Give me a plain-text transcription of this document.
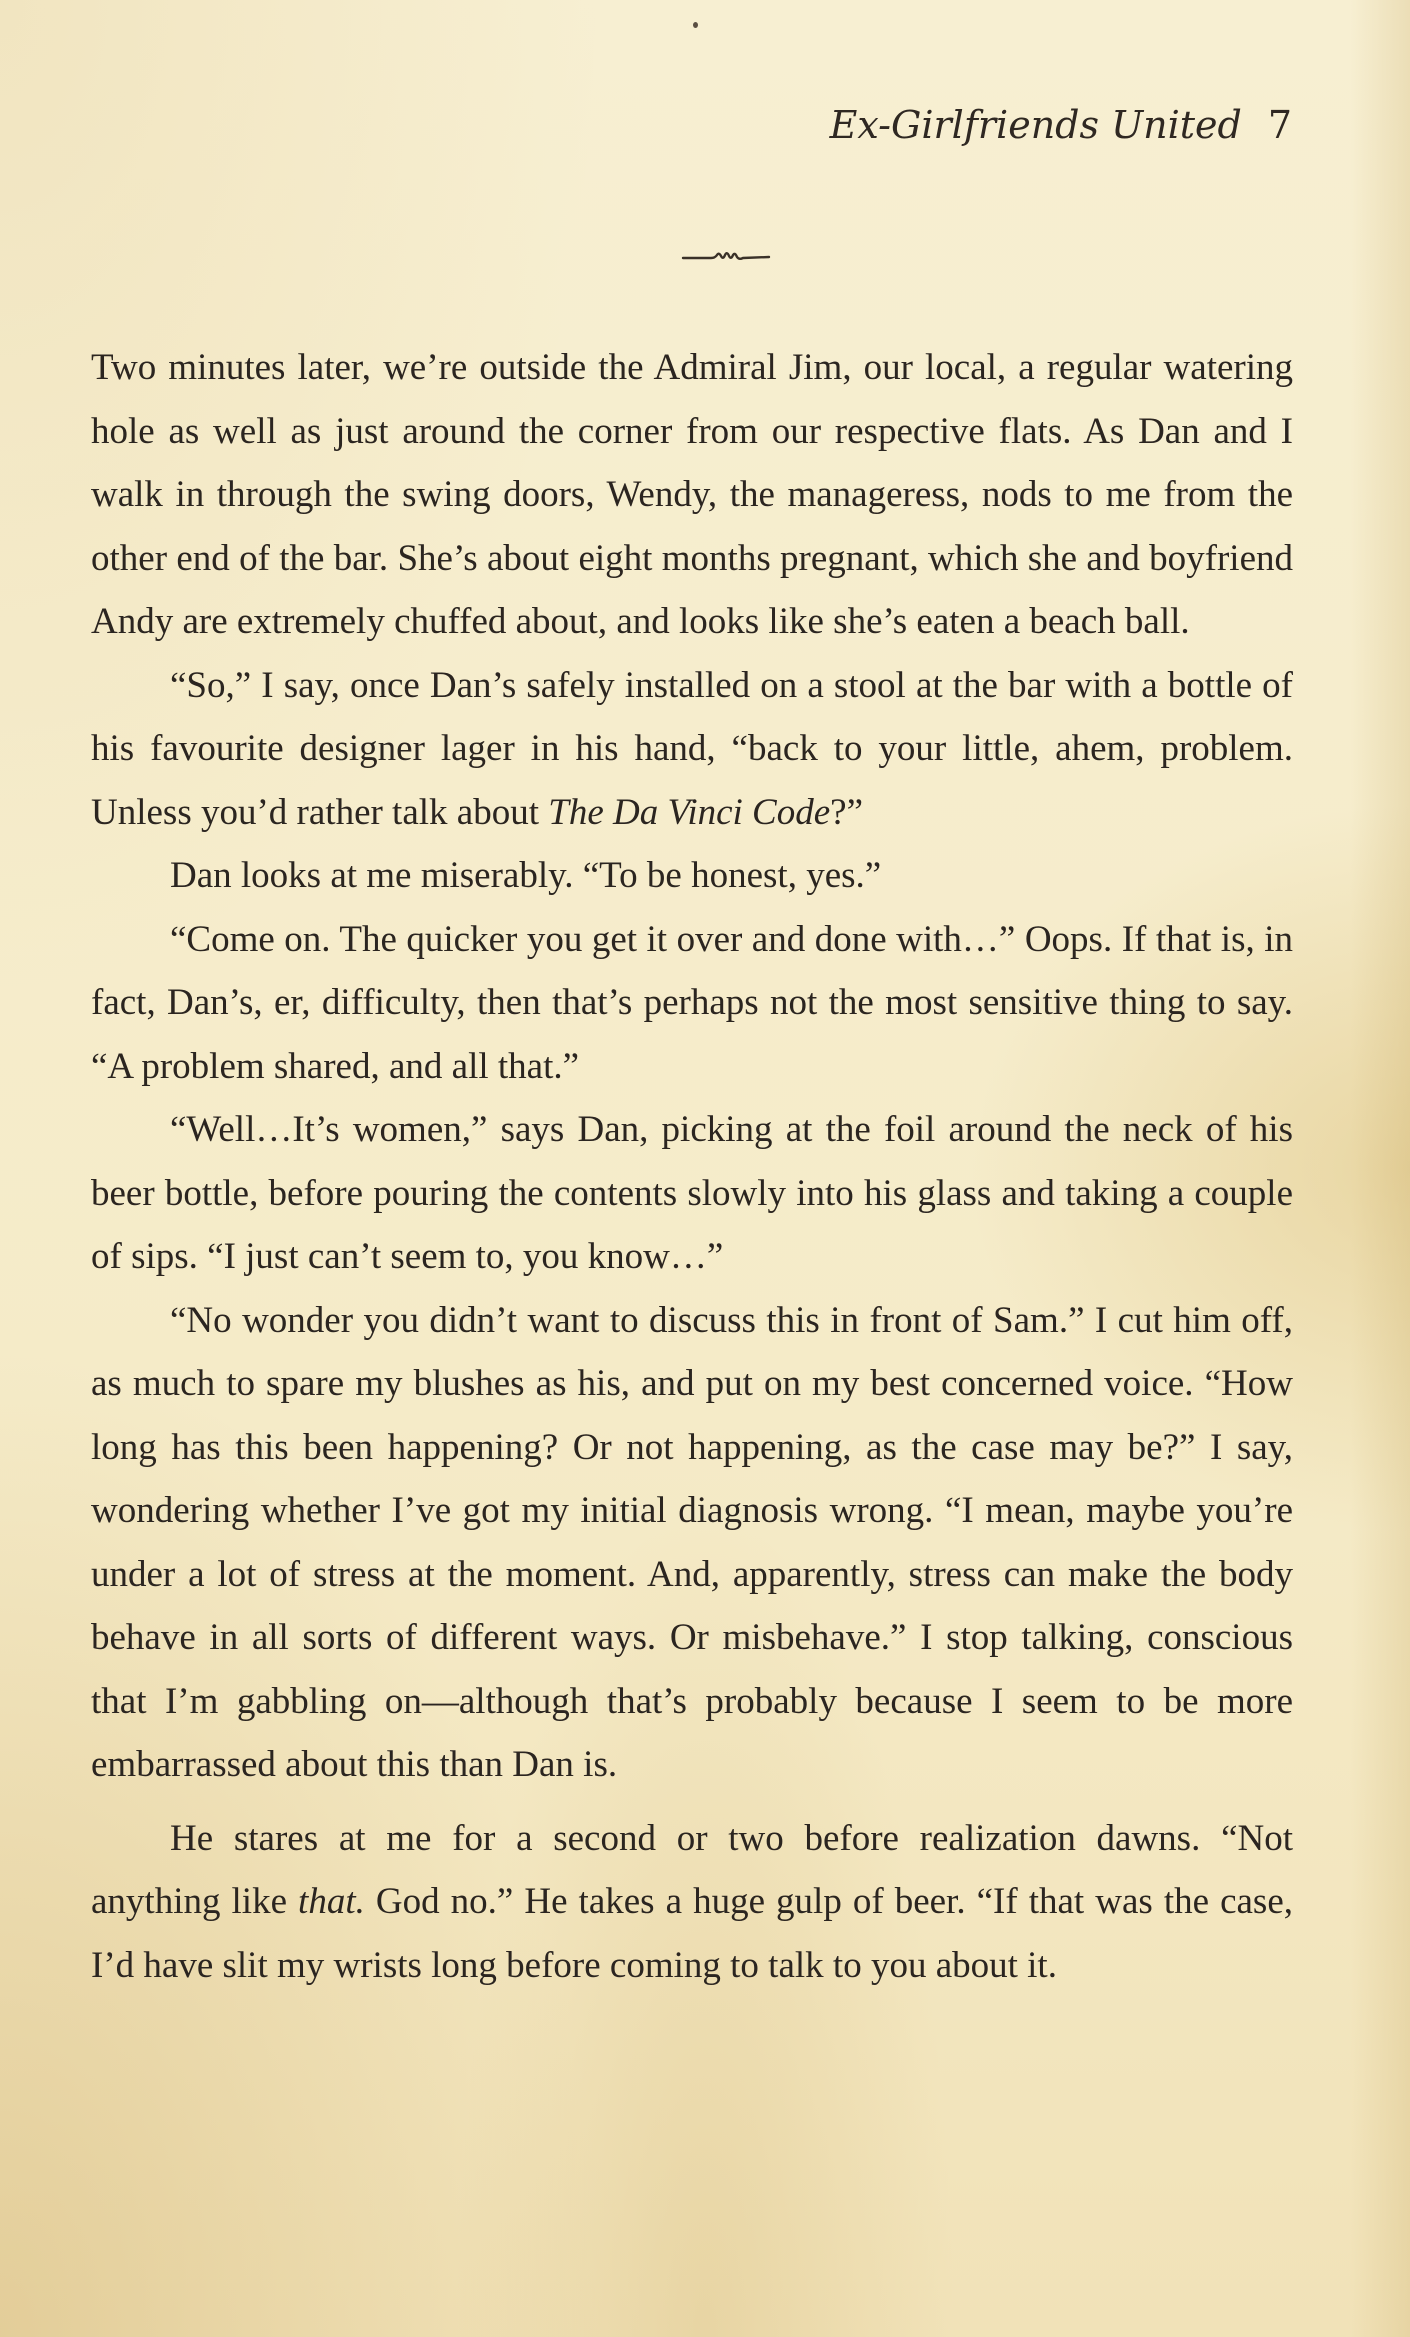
Ex-Girlfriends United 7

Two minutes later, we’re outside the Admiral Jim, our local, a regular watering hole as well as just around the corner from our respective flats. As Dan and I walk in through the swing doors, Wendy, the manageress, nods to me from the other end of the bar. She’s about eight months pregnant, which she and boyfriend Andy are extremely chuffed about, and looks like she’s eaten a beach ball.

“So,” I say, once Dan’s safely installed on a stool at the bar with a bottle of his favourite designer lager in his hand, “back to your little, ahem, problem. Unless you’d rather talk about The Da Vinci Code?”

Dan looks at me miserably. “To be honest, yes.”

“Come on. The quicker you get it over and done with…” Oops. If that is, in fact, Dan’s, er, difficulty, then that’s perhaps not the most sensitive thing to say. “A problem shared, and all that.”

“Well…It’s women,” says Dan, picking at the foil around the neck of his beer bottle, before pouring the contents slowly into his glass and taking a couple of sips. “I just can’t seem to, you know…”

“No wonder you didn’t want to discuss this in front of Sam.” I cut him off, as much to spare my blushes as his, and put on my best concerned voice. “How long has this been happening? Or not happening, as the case may be?” I say, wondering whether I’ve got my initial diagnosis wrong. “I mean, maybe you’re under a lot of stress at the moment. And, apparently, stress can make the body behave in all sorts of different ways. Or misbehave.” I stop talking, conscious that I’m gabbling on—although that’s probably because I seem to be more embarrassed about this than Dan is.

He stares at me for a second or two before realization dawns. “Not anything like that. God no.” He takes a huge gulp of beer. “If that was the case, I’d have slit my wrists long before coming to talk to you about it.
